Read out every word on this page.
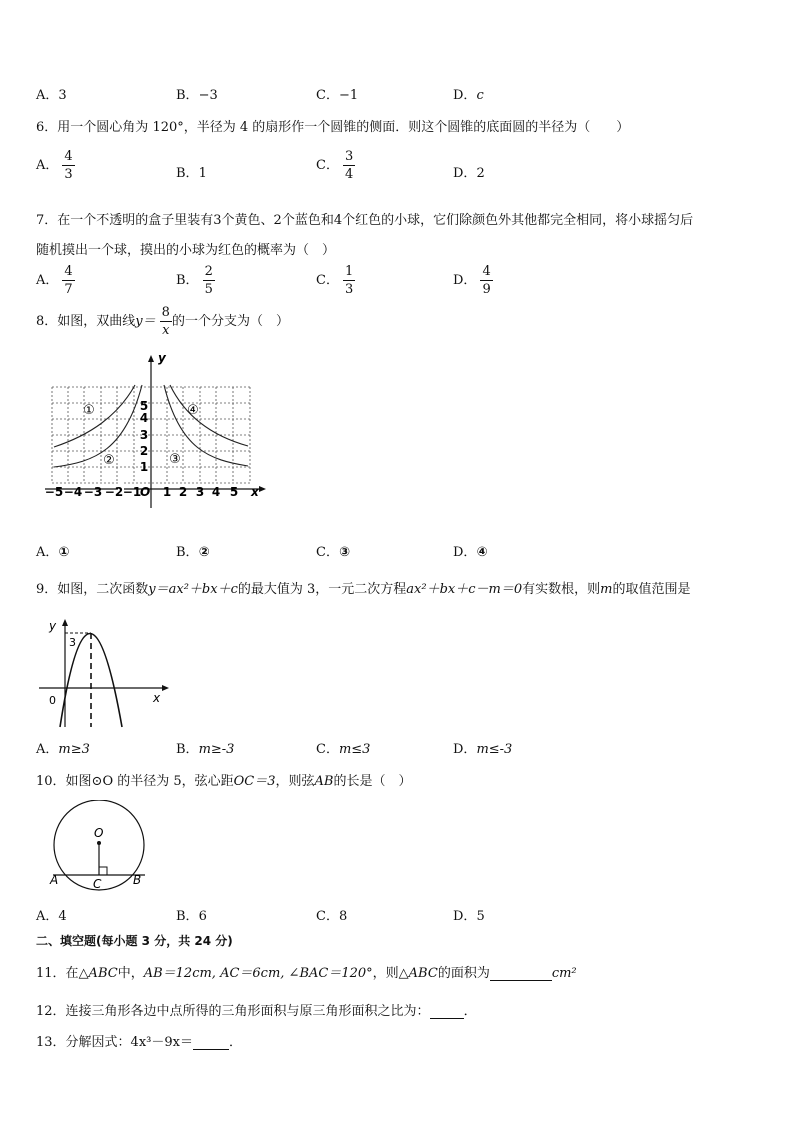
A．3	B．−3	C．−1	D．c
6．用一个圆心角为 120°，半径为 4 的扇形作一个圆锥的侧面．则这个圆锥的底面圆的半径为（　　）
A． $\frac{4}{3}$	B．1
C． $\frac{3}{4}$	D．2
7．在一个不透明的盒子里装有3个黄色、2个蓝色和4个红色的小球，它们除颜色外其他都完全相同，将小球摇匀后
随机摸出一个球，摸出的小球为红色的概率为（　）
A． $\frac{4}{7}$	B． $\frac{2}{5}$	C． $\frac{1}{3}$	D． $\frac{4}{9}$
8．如图，双曲线$y= \frac{8}{x}$ 的一个分支为（　）
y
x
O
−5 −4 −3 −2 −1 1 2 3 4 5
1
2
3
4
5
①
②	③
④
A．①	B．②	C．③	D．④
9．如图，二次函数y＝ax²＋bx＋c的最大值为 3，一元二次方程ax²＋bx＋c－m＝0有实数根，则m的取值范围是
y
x
0
3
A．m≥3	B．m≥-3	C．m≤3	D．m≤-3
10．如图⊙O 的半径为 5，弦心距OC＝3，则弦AB的长是（　）
O
C
A	B
A．4	B．6	C．8	D．5
二、填空题(每小题 3 分，共 24 分)
11．在△ABC中，AB＝12cm, AC＝6cm, ∠BAC＝120°，则△ABC的面积为	cm²
12．连接三角形各边中点所得的三角形面积与原三角形面积之比为：	．
13．分解因式：4x³－9x＝	．
